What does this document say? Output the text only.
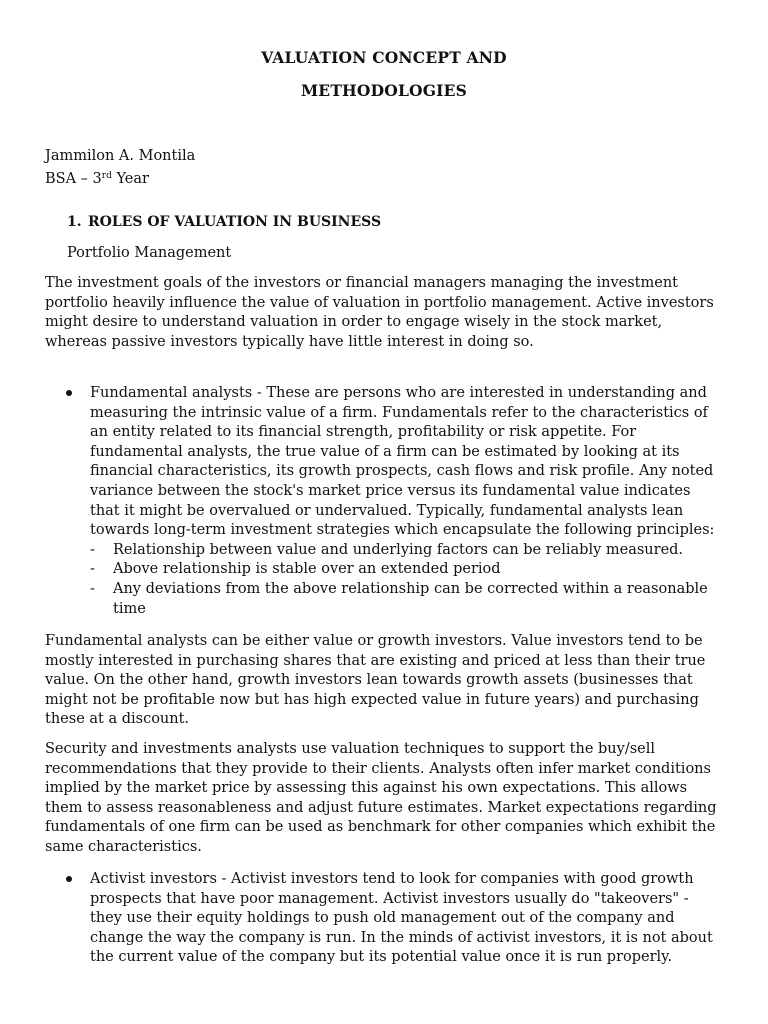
VALUATION CONCEPT AND
METHODOLOGIES
Jammilon A. Montila
BSA – 3rd Year
1. ROLES OF VALUATION IN BUSINESS
Portfolio Management

The investment goals of the investors or financial managers managing the investment portfolio heavily influence the value of valuation in portfolio management. Active investors might desire to understand valuation in order to engage wisely in the stock market, whereas passive investors typically have little interest in doing so.

Fundamental analysts - These are persons who are interested in understanding and measuring the intrinsic value of a firm. Fundamentals refer to the characteristics of an entity related to its financial strength, profitability or risk appetite. For fundamental analysts, the true value of a firm can be estimated by looking at its financial characteristics, its growth prospects, cash flows and risk profile. Any noted variance between the stock's market price versus its fundamental value indicates that it might be overvalued or undervalued. Typically, fundamental analysts lean towards long-term investment strategies which encapsulate the following principles:
- Relationship between value and underlying factors can be reliably measured.
- Above relationship is stable over an extended period
- Any deviations from the above relationship can be corrected within a reasonable time

Fundamental analysts can be either value or growth investors. Value investors tend to be mostly interested in purchasing shares that are existing and priced at less than their true value. On the other hand, growth investors lean towards growth assets (businesses that might not be profitable now but has high expected value in future years) and purchasing these at a discount.

Security and investments analysts use valuation techniques to support the buy/sell recommendations that they provide to their clients. Analysts often infer market conditions implied by the market price by assessing this against his own expectations. This allows them to assess reasonableness and adjust future estimates. Market expectations regarding fundamentals of one firm can be used as benchmark for other companies which exhibit the same characteristics.

Activist investors - Activist investors tend to look for companies with good growth prospects that have poor management. Activist investors usually do "takeovers" - they use their equity holdings to push old management out of the company and change the way the company is run. In the minds of activist investors, it is not about the current value of the company but its potential value once it is run properly.
